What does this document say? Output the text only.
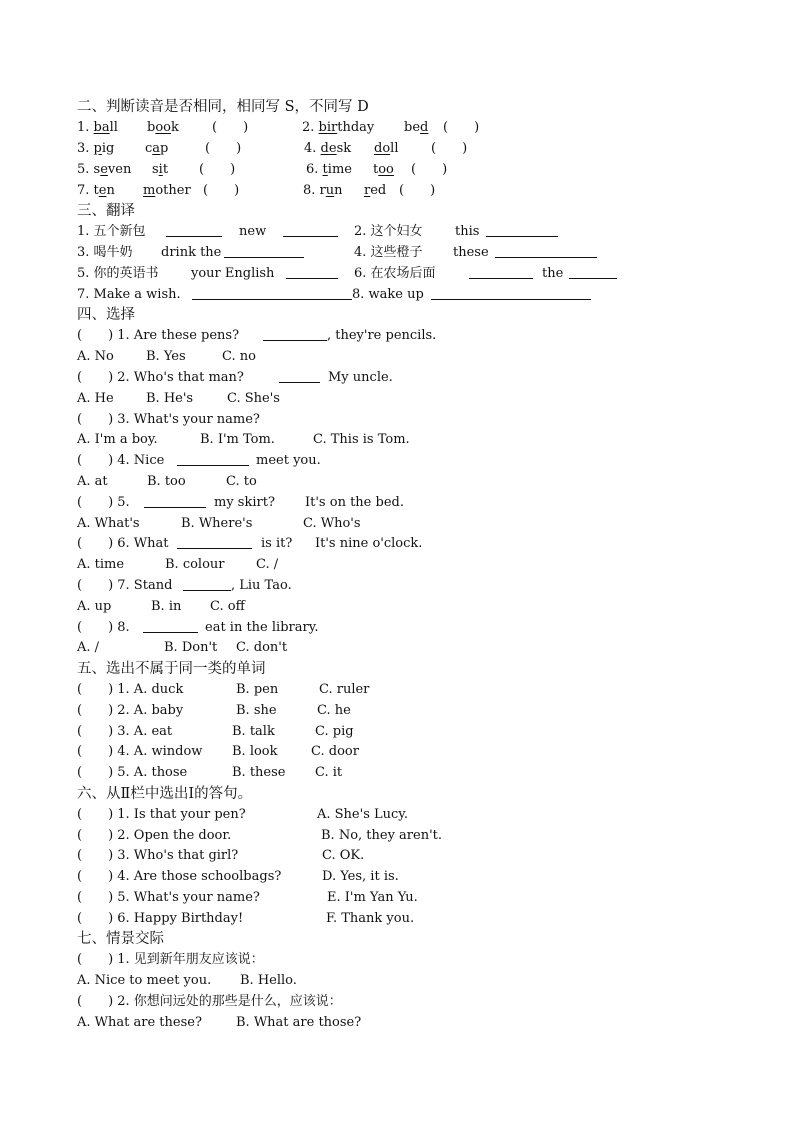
二、判断读音是否相同，相同写 S，不同写 D
1. ball book	(　　)	2. birthday bed (　　)
3. pig cap	(　　)	4. desk doll	(　　)
5. seven sit (　　)	6. time too (　　)
7. ten mother (　　)	8. run red (　　)
三、翻译
1. 五个新包	new	2. 这个妇女 this
3. 喝牛奶 drink the	4. 这些橙子 these
5. 你的英语书 your English	6. 在农场后面	the
7. Make a wish.	8. wake up
四、选择
(　　) 1. Are these pens?	, they're pencils.
A. No B. Yes	C. no
(　　) 2. Who's that man?	My uncle.
A. He B. He's	C. She's
(　　) 3. What's your name?
A. I'm a boy.	B. I'm Tom.	C. This is Tom.
(　　) 4. Nice	meet you.
A. at	B. too	C. to
(　　) 5.	my skirt? It's on the bed.
A. What's	B. Where's	C. Who's
(　　) 6. What	is it? It's nine o'clock.
A. time	B. colour C. /
(　　) 7. Stand	, Liu Tao.
A. up	B. in C. off
(　　) 8.	eat in the library.
A. /	B. Don't C. don't
五、选出不属于同一类的单词
(　　) 1. A. duck	B. pen	C. ruler
(　　) 2. A. baby	B. she	C. he
(　　) 3. A. eat	B. talk	C. pig
(　　) 4. A. window B. look	C. door
(　　) 5. A. those	B. these C. it
六、从Ⅱ栏中选出Ⅰ的答句。
(　　) 1. Is that your pen?	A. She's Lucy.
(　　) 2. Open the door.	B. No, they aren't.
(　　) 3. Who's that girl?	C. OK.
(　　) 4. Are those schoolbags?	D. Yes, it is.
(　　) 5. What's your name?	E. I'm Yan Yu.
(　　) 6. Happy Birthday!	F. Thank you.
七、情景交际
(　　) 1. 见到新年朋友应该说：
A. Nice to meet you. B. Hello.
(　　) 2. 你想问远处的那些是什么，应该说：
A. What are these?	B. What are those?
